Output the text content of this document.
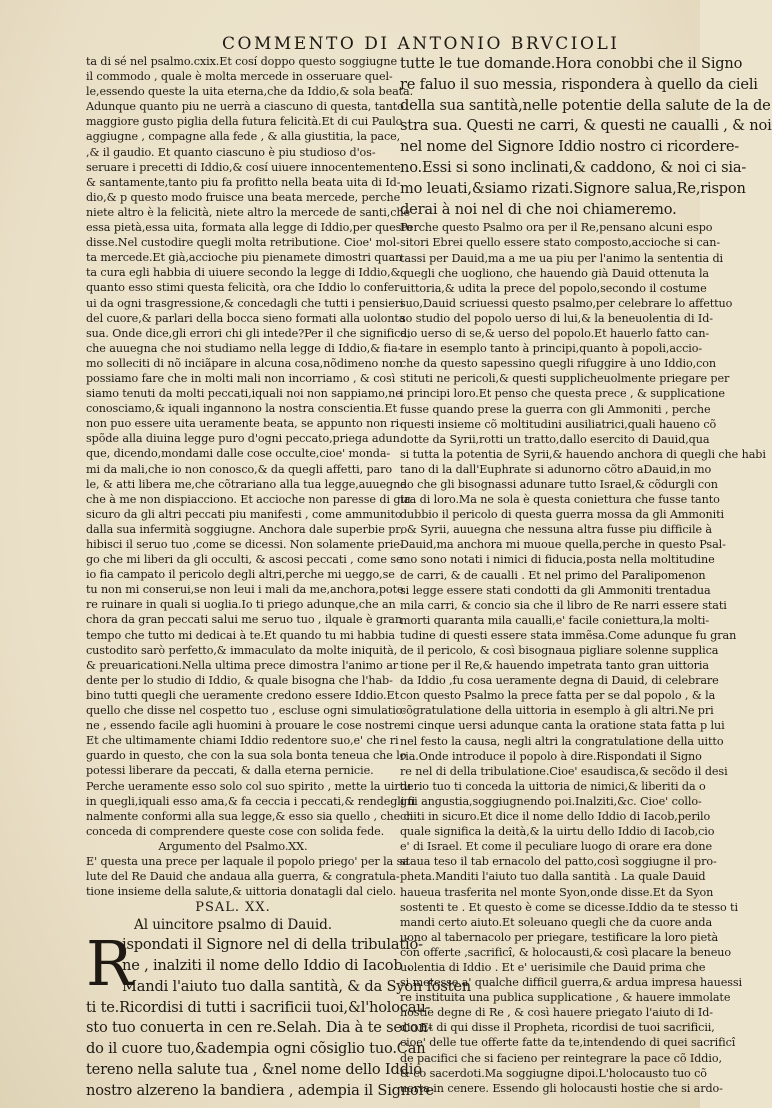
COMMENTO DI ANTONIO BRVCIOLI
ta di sé nel psalmo.cxix.Et cosí doppo questo soggiugne
il commodo , quale è molta mercede in osseruare quel-
le,essendo queste la uita eterna,che da Iddio,& sola beata.
Adunque quanto piu ne uerrà a ciascuno di questa, tanto
maggiore gusto piglia della futura felicità.Et di cui Paulo
aggiugne , compagne alla fede , & alla giustitia, la pace,
,& il gaudio. Et quanto ciascuno è piu studioso d'os-
seruare i precetti di Iddio,& cosí uiuere innocentemente,
& santamente,tanto piu fa profitto nella beata uita di Id-
dio,& p questo modo fruisce una beata mercede, perche
niete altro è la felicità, niete altro la mercede de santi,che
essa pietà,essa uita, formata alla legge di Iddio,per questo
disse.Nel custodire quegli molta retributione. Cioe' mol-
ta mercede.Et già,accioche piu pienamete dimostri quan
ta cura egli habbia di uiuere secondo la legge di Iddio,&
quanto esso stimi questa felicità, ora che Iddio lo confer-
ui da ogni trasgressione,& concedagli che tutti i pensieri
del cuore,& parlari della bocca sieno formati alla uolonta
sua. Onde dice,gli errori chi gli intede?Per il che significa,
che auuegna che noi studiamo nella legge di Iddio,& fia-
mo solleciti di nõ inciãpare in alcuna cosa,nõdimeno non
possiamo fare che in molti mali non incorriamo , & così
siamo tenuti da molti peccati,iquali noi non sappiamo,ne
conosciamo,& iquali ingannono la nostra conscientia.Et
non puo essere uita ueramente beata, se appunto non ri-
spõde alla diuina legge puro d'ogni peccato,priega adun
que, dicendo,mondami dalle cose occulte,cioe' monda-
mi da mali,che io non conosco,& da quegli affetti, paro
le, & atti libera me,che cõtrariano alla tua legge,auuegna
che à me non dispiacciono. Et accioche non paresse di gia
sicuro da gli altri peccati piu manifesti , come ammunito
dalla sua infermità soggiugne. Anchora dale superbie pro
hibisci il seruo tuo ,come se dicessi. Non solamente prie-
go che mi liberi da gli occulti, & ascosi peccati , come se
io fia campato il pericolo degli altri,perche mi ueggo,se
tu non mi conserui,se non leui i mali da me,anchora,pote
re ruinare in quali si uoglia.Io ti priego adunque,che an
chora da gran peccati salui me seruo tuo , ilquale è gran
tempo che tutto mi dedicai à te.Et quando tu mi habbia
custodito sarò perfetto,& immaculato da molte iniquità,
& preuaricationi.Nella ultima prece dimostra l'animo ar
dente per lo studio di Iddio, & quale bisogna che l'hab-
bino tutti quegli che ueramente credono essere Iddio.Et
quello che disse nel cospetto tuo , escluse ogni simulatio-
ne , essendo facile agli huomini à prouare le cose nostre.
Et che ultimamente chiami Iddio redentore suo,e' che ri
guardo in questo, che con la sua sola bonta teneua che lo
potessi liberare da peccati, & dalla eterna pernicie.
Perche ueramente esso solo col suo spirito , mette la uirtu
in quegli,iquali esso ama,& fa ceccia i peccati,& rendegli fi
nalmente conformi alla sua legge,& esso sia quello , che ci
conceda di comprendere queste cose con solida fede.
Argumento del Psalmo.XX.
E' questa una prece per laquale il popolo priego' per la sa
lute del Re Dauid che andaua alla guerra, & congratula-
tione insieme della salute,& uittoria donatagli dal cielo.
PSAL. XX.
Al uincitore psalmo di Dauid.
R
ispondati il Signore nel di della tribulatio-
ne , inalziti il nome dello Iddio di Iacob .
Mandi l'aiuto tuo dalla santità, & da Syon fosten
ti te.Ricordisi di tutti i sacrificii tuoi,&l'holocau-
sto tuo conuerta in cen re.Selah. Dia à te secon-
do il cuore tuo,&adempia ogni cõsiglio tuo.Can
tereno nella salute tua , &nel nome dello Iddio
nostro alzereno la bandiera , adempia il Signore
tutte le tue domande.Hora conobbi che il Signo
re faluo il suo messia, rispondera à quello da cieli
della sua santità,nelle potentie della salute de la de
stra sua. Questi ne carri, & questi ne caualli , & noi
nel nome del Signore Iddio nostro ci ricordere-
no.Essi si sono inclinati,& caddono, & noi ci sia-
mo leuati,&siamo rizati.Signore salua,Re,rispon
derai à noi nel di che noi chiameremo.
Perche questo Psalmo ora per il Re,pensano alcuni espo
sitori Ebrei quello essere stato composto,accioche si can-
tassi per Dauid,ma a me ua piu per l'animo la sententia di
quegli che uogliono, che hauendo già Dauid ottenuta la
uittoria,& udita la prece del popolo,secondo il costume
suo,Dauid scriuessi questo psalmo,per celebrare lo affettuo
so studio del popolo uerso di lui,& la beneuolentia di Id-
dio uerso di se,& uerso del popolo.Et hauerlo fatto can-
tare in esemplo tanto à principi,quanto à popoli,accio-
che da questo sapessino quegli rifuggire à uno Iddio,con
stituti ne pericoli,& questi supplicheuolmente priegare per
i principi loro.Et penso che questa prece , & supplicatione
fusse quando prese la guerra con gli Ammoniti , perche
questi insieme cõ moltitudini ausiliatrici,quali haueno cõ
dotte da Syrii,rotti un tratto,dallo esercito di Dauid,qua
si tutta la potentia de Syrii,& hauendo anchora di quegli che habi
tano di la dall'Euphrate si adunorno cõtro aDauid,in mo
do che gli bisognassi adunare tutto Israel,& cõdurgli con
tra di loro.Ma ne sola è questa coniettura che fusse tanto
dubbio il pericolo di questa guerra mossa da gli Ammoniti
, & Syrii, auuegna che nessuna altra fusse piu difficile à
Dauid,ma anchora mi muoue quella,perche in questo Psal-
mo sono notati i nimici di fiducia,posta nella moltitudine
de carri, & de caualli . Et nel primo del Paralipomenon
si legge essere stati condotti da gli Ammoniti trentadua
mila carri, & concio sia che il libro de Re narri essere stati
morti quaranta mila caualli,e' facile coniettura,la molti-
tudine di questi essere stata immẽsa.Come adunque fu gran
de il pericolo, & così bisognaua pigliare solenne supplica
tione per il Re,& hauendo impetrata tanto gran uittoria
da Iddio ,fu cosa ueramente degna di Dauid, di celebrare
con questo Psalmo la prece fatta per se dal popolo , & la
cõgratulatione della uittoria in esemplo à gli altri.Ne pri
mi cinque uersi adunque canta la oratione stata fatta p lui
nel festo la causa, negli altri la congratulatione della uitto
ria.Onde introduce il popolo à dire.Rispondati il Signo
re nel di della tribulatione.Cioe' esaudisca,& secõdo il desi
derio tuo ti conceda la uittoria de nimici,& liberiti da o
gni angustia,soggiugnendo poi.Inalziti,&c. Cioe' collo-
chiti in sicuro.Et dice il nome dello Iddio di Iacob,perilo
quale significa la deità,& la uirtu dello Iddio di Iacob,cio
e' di Israel. Et come il peculiare luogo di orare era done
staua teso il tab ernacolo del patto,così soggiugne il pro-
pheta.Manditi l'aiuto tuo dalla santità . La quale Dauid
haueua trasferita nel monte Syon,onde disse.Et da Syon
sostenti te . Et questo è come se dicesse.Iddio da te stesso ti
mandi certo aiuto.Et soleuano quegli che da cuore anda
uono al tabernacolo per priegare, testificare la loro pietà
con offerte ,sacrificî, & holocausti,& così placare la beneuo
uolentia di Iddio . Et e' uerisimile che Dauid prima che
si metesse a' qualche difficil guerra,& ardua impresa hauessi
re instituita una publica supplicatione , & hauere immolate
hostie degne di Re , & così hauere priegato l'aiuto di Id-
dio.Et di qui disse il Propheta, ricordisi de tuoi sacrificii,
cioe' delle tue offerte fatte da te,intendendo di quei sacrificî
de pacifici che si facieno per reintegrare la pace cõ Iddio,
& co sacerdoti.Ma soggiugne dipoi.L'holocausto tuo cõ
uerta in cenere. Essendo gli holocausti hostie che si ardo-
